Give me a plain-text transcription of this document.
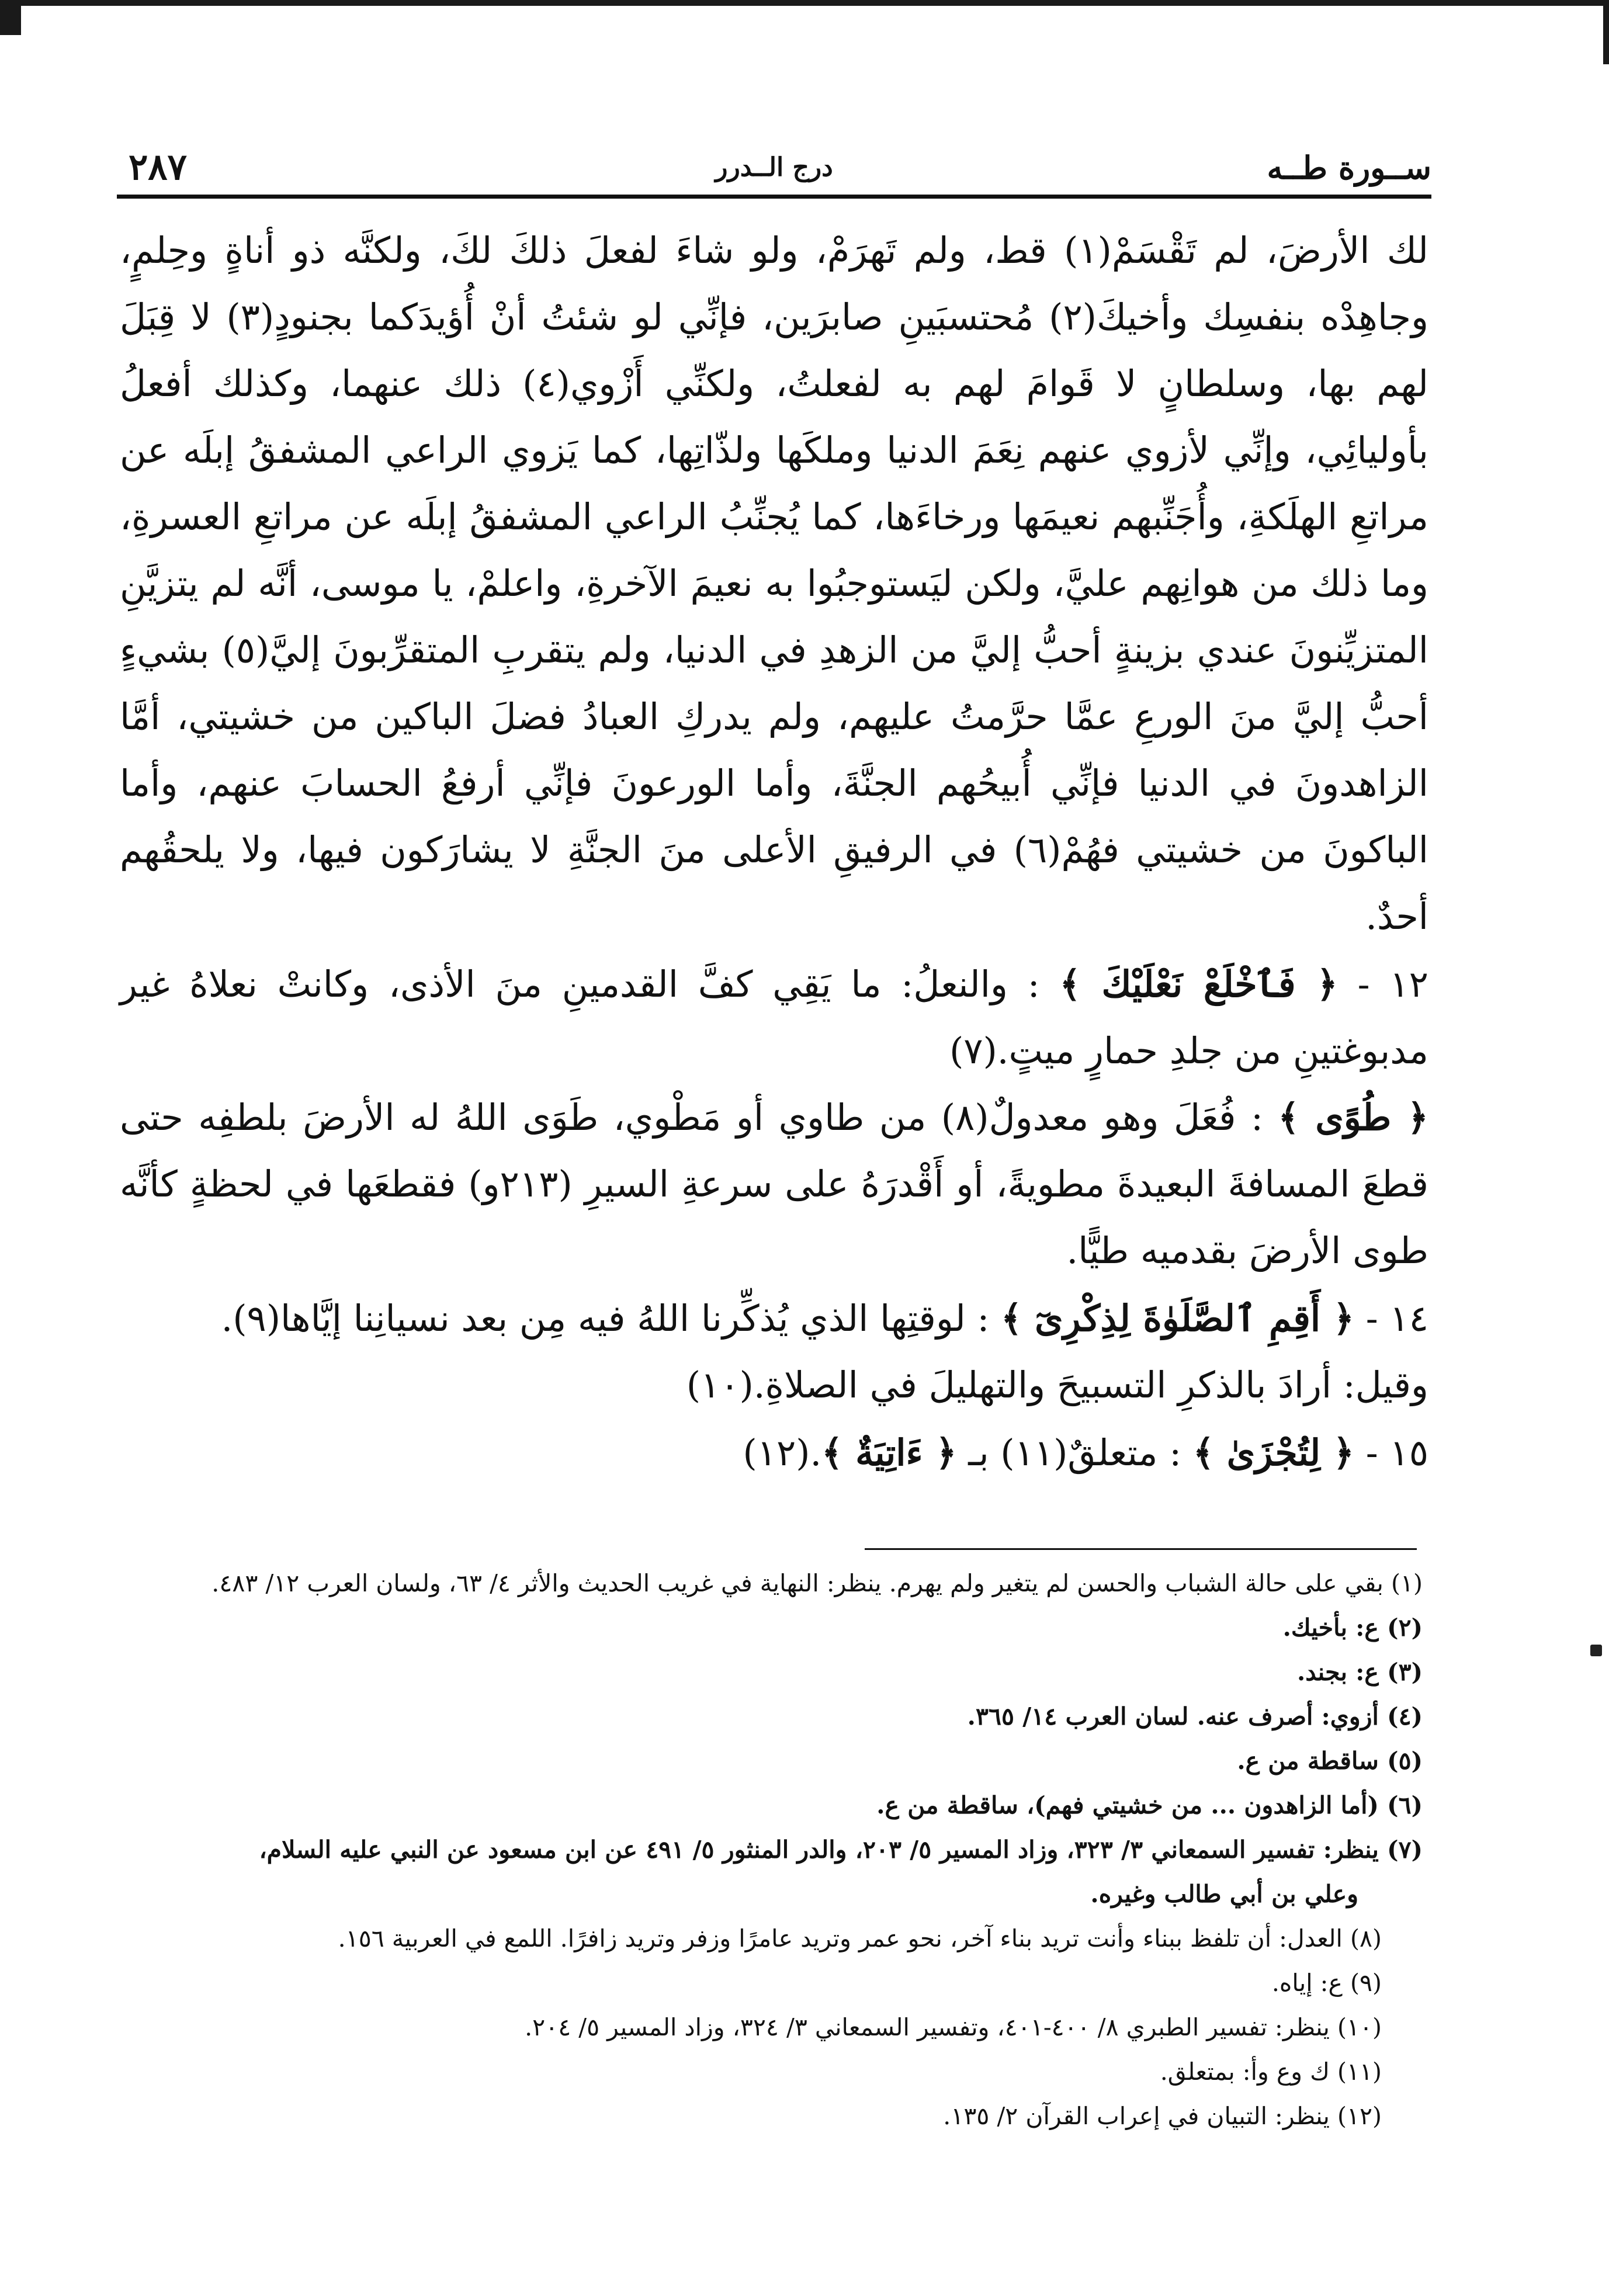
ســورة طــه
درج الــدرر
٢٨٧

لك الأرضَ، لم تَقْسَمْ(١) قط، ولم تَهرَمْ، ولو شاءَ لفعلَ ذلكَ لكَ، ولكنَّه ذو أناةٍ وحِلمٍ، وجاهِدْه بنفسِك وأخيكَ(٢) مُحتسبَينِ صابرَين، فإنِّي لو شئتُ أنْ أُؤيدَكما بجنودٍ(٣) لا قِبَلَ لهم بها، وسلطانٍ لا قَوامَ لهم به لفعلتُ، ولكنِّي أَزْوي(٤) ذلك عنهما، وكذلك أفعلُ بأوليائِي، وإنِّي لأزوي عنهم نِعَمَ الدنيا وملكَها ولذّاتِها، كما يَزوي الراعي المشفقُ إبلَه عن مراتعِ الهلَكةِ، وأُجَنِّبهم نعيمَها ورخاءَها، كما يُجنِّبُ الراعي المشفقُ إبلَه عن مراتعِ العسرةِ، وما ذلك من هوانِهم عليَّ، ولكن ليَستوجبُوا به نعيمَ الآخرةِ، واعلمْ، يا موسى، أنَّه لم يتزيَّنِ المتزيِّنونَ عندي بزينةٍ أحبُّ إليَّ من الزهدِ في الدنيا، ولم يتقربِ المتقرِّبونَ إليَّ(٥) بشيءٍ أحبُّ إليَّ منَ الورعِ عمَّا حرَّمتُ عليهم، ولم يدركِ العبادُ فضلَ الباكين من خشيتي، أمَّا الزاهدونَ في الدنيا فإنِّي أُبيحُهم الجنَّةَ، وأما الورعونَ فإنِّي أرفعُ الحسابَ عنهم، وأما الباكونَ من خشيتي فهُمْ(٦) في الرفيقِ الأعلى منَ الجنَّةِ لا يشارَكون فيها، ولا يلحقُهم أحدٌ.

١٢ - ﴿ فَٱخْلَعْ نَعْلَيْكَ ﴾ : والنعلُ: ما يَقِي كفَّ القدمينِ منَ الأذى، وكانتْ نعلاهُ غير مدبوغتينِ من جلدِ حمارٍ ميتٍ.(٧)

﴿ طُوًى ﴾ : فُعَلَ وهو معدولٌ(٨) من طاوي أو مَطْوي، طَوَى اللهُ له الأرضَ بلطفِه حتى قطعَ المسافةَ البعيدةَ مطويةً، أو أَقْدرَهُ على سرعةِ السيرِ (٢١٣و) فقطعَها في لحظةٍ كأنَّه طوى الأرضَ بقدميه طيًّا.

١٤ - ﴿ أَقِمِ ٱلصَّلَوٰةَ لِذِكْرِىٓ ﴾ : لوقتِها الذي يُذكِّرنا اللهُ فيه مِن بعد نسيانِنا إيَّاها(٩).

وقيل: أرادَ بالذكرِ التسبيحَ والتهليلَ في الصلاةِ.(١٠)

١٥ - ﴿ لِتُجْزَىٰ ﴾ : متعلقٌ(١١) بـ ﴿ ءَاتِيَةٌ ﴾.(١٢)

(١) بقي على حالة الشباب والحسن لم يتغير ولم يهرم. ينظر: النهاية في غريب الحديث والأثر ٤/ ٦٣، ولسان العرب ١٢/ ٤٨٣.

(٢) ع: بأخيك.

(٣) ع: بجند.

(٤) أزوي: أصرف عنه. لسان العرب ١٤/ ٣٦٥.

(٥) ساقطة من ع.

(٦) (أما الزاهدون ... من خشيتي فهم)، ساقطة من ع.

(٧) ينظر: تفسير السمعاني ٣/ ٣٢٣، وزاد المسير ٥/ ٢٠٣، والدر المنثور ٥/ ٤٩١ عن ابن مسعود عن النبي عليه السلام،
وعلي بن أبي طالب وغيره.

(٨) العدل: أن تلفظ ببناء وأنت تريد بناء آخر، نحو عمر وتريد عامرًا وزفر وتريد زافرًا. اللمع في العربية ١٥٦.

(٩) ع: إياه.

(١٠) ينظر: تفسير الطبري ٨/ ٤٠٠-٤٠١، وتفسير السمعاني ٣/ ٣٢٤، وزاد المسير ٥/ ٢٠٤.

(١١) ك وع وأ: بمتعلق.

(١٢) ينظر: التبيان في إعراب القرآن ٢/ ١٣٥.
